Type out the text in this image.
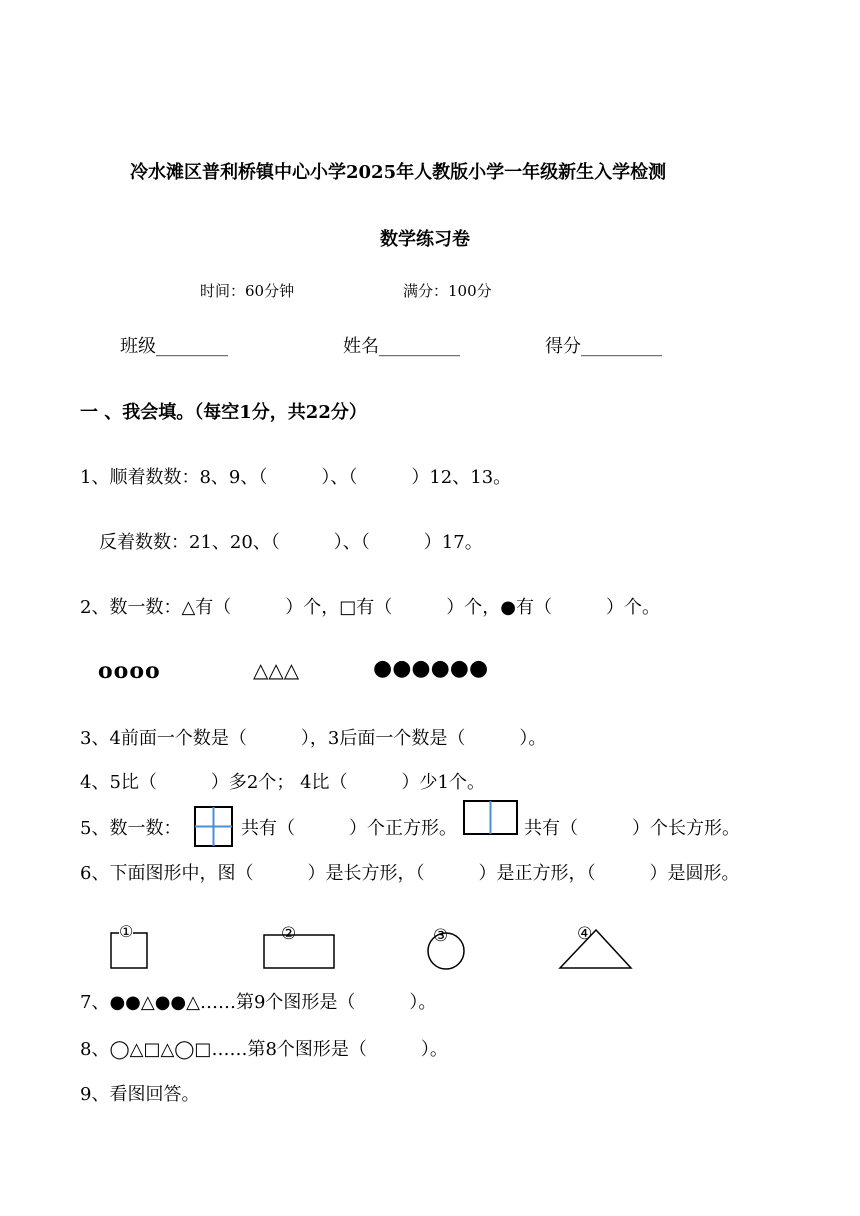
冷水滩区普利桥镇中心小学2025年人教版小学一年级新生入学检测
数学练习卷
时间：60分钟	满分：100分
班级________	姓名_________	得分_________
一 、我会填。（每空1分，共22分）
1、顺着数数：8、9、（　　　）、（　　　）12、13。
反着数数：21、20、（　　　）、（　　　）17。
2、数一数：△有（　　　）个，□有（　　　）个，●有（　　　）个。
oooo	△△△	●●●●●●
3、4前面一个数是（　　　），3后面一个数是（　　　）。
4、5比（　　　）多2个； 4比（　　　）少1个。
5、数一数：	共有（　　　）个正方形。	共有（　　　）个长方形。
6、下面图形中，图（　　　）是长方形，（　　　）是正方形，（　　　）是圆形。
①	②	③	④
7、●●△●●△……第9个图形是（　　　）。
8、◯△□△◯□……第8个图形是（　　　）。
9、看图回答。
